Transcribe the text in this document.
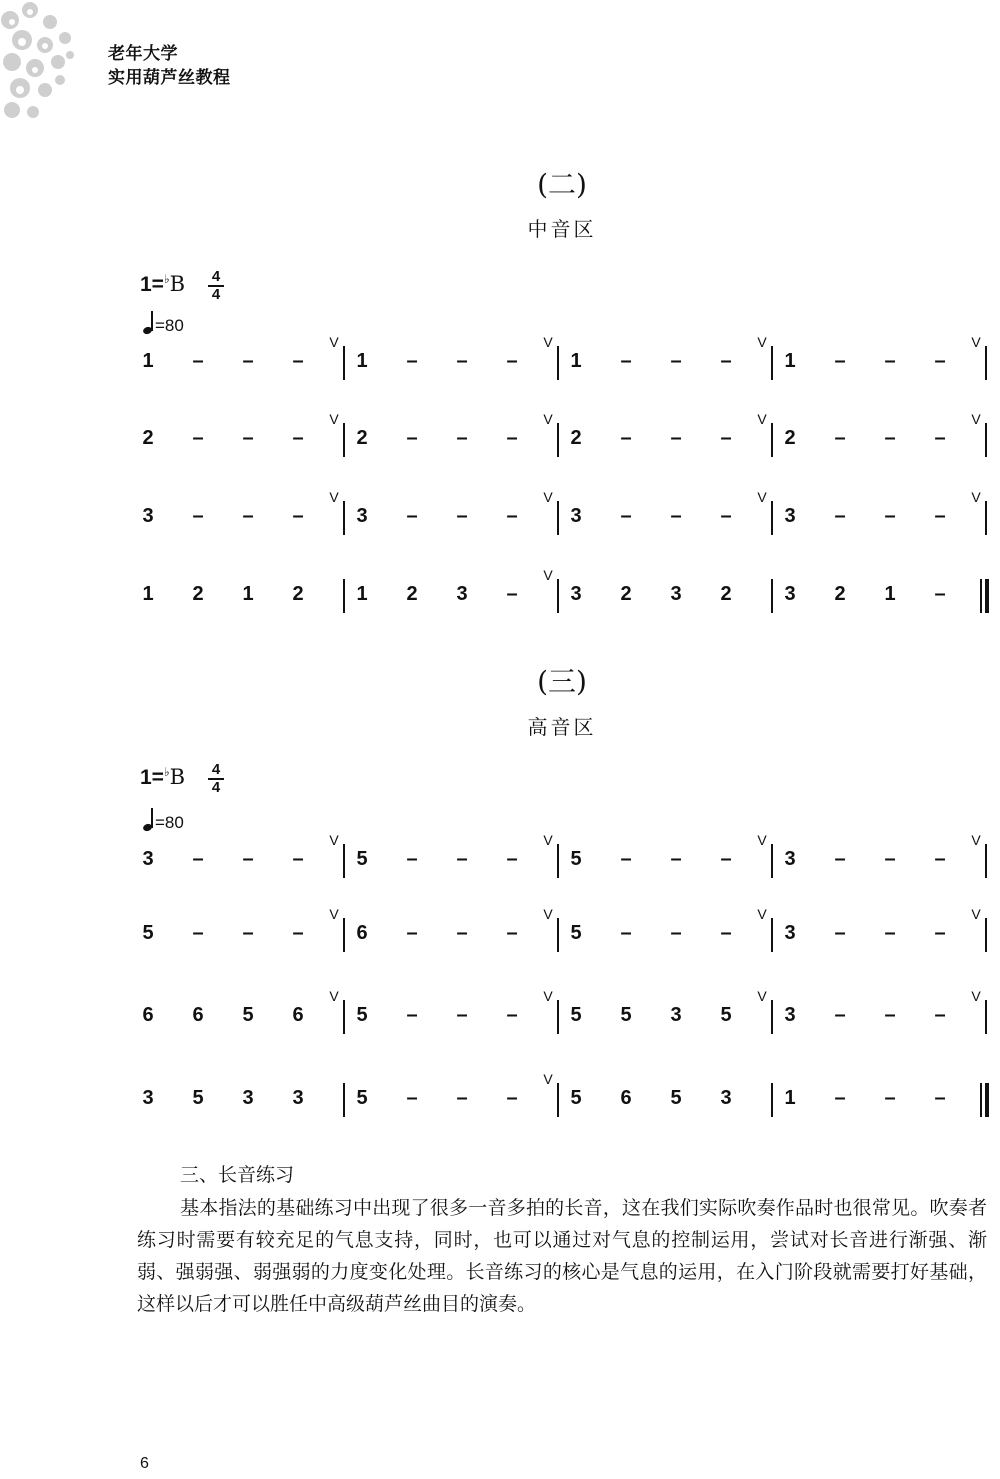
老年大学
实用葫芦丝教程
(二)
中音区
1=♭B 4
4
=80
1 – – –	1 – – –	1 – – –	1 – – –
V	V	V	V
2 – – –	2 – – –	2 – – –	2 – – –
V	V	V	V
3 – – –	3 – – –	3 – – –	3 – – –
V	V	V	V
1 2 1 2	1 2 3 –	3 2 3 2	3 2 1 –
V
(三)
高音区
1=♭B 4
4
=80
3 – – –	5 – – –	5 – – –	3 – – –
V	V	V	V
5 – – –	6 – – –	5 – – –	3 – – –
V	V	V	V
6 6 5 6	5 – – –	5 5 3 5	3 – – –
V	V	V	V
3 5 3 3	5 – – –	5 6 5 3	1 – – –
V
三、长音练习
基本指法的基础练习中出现了很多一音多拍的长音，这在我们实际吹奏作品时也很常见。吹奏者练习时需要有较充足的气息支持，同时，也可以通过对气息的控制运用，尝试对长音进行渐强、渐弱、强弱强、弱强弱的力度变化处理。长音练习的核心是气息的运用，在入门阶段就需要打好基础，这样以后才可以胜任中高级葫芦丝曲目的演奏。
6
